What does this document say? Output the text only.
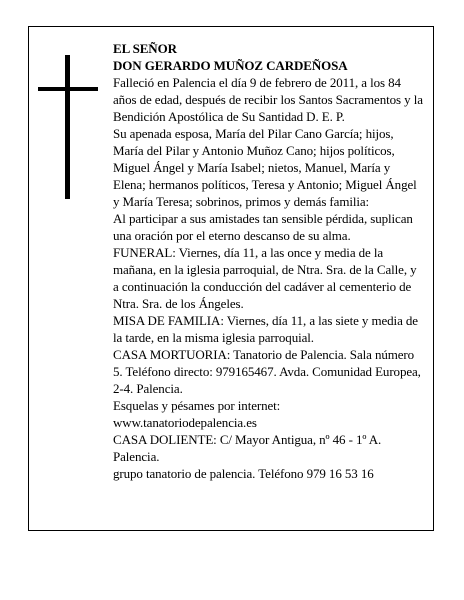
EL SEÑOR

DON GERARDO MUÑOZ CARDEÑOSA

Falleció en Palencia el día 9 de febrero de 2011, a los 84 años de edad, después de recibir los Santos Sacramentos y la Bendición Apostólica de Su Santidad D. E. P.

Su apenada esposa, María del Pilar Cano García; hijos, María del Pilar y Antonio Muñoz Cano; hijos políticos, Miguel Ángel y María Isabel; nietos, Manuel, María y Elena; hermanos políticos, Teresa y Antonio; Miguel Ángel y María Teresa; sobrinos, primos y demás familia:

Al participar a sus amistades tan sensible pérdida, suplican una oración por el eterno descanso de su alma.

FUNERAL: Viernes, día 11, a las once y media de la mañana, en la iglesia parroquial, de Ntra. Sra. de la Calle, y a continuación la conducción del cadáver al cementerio de Ntra. Sra. de los Ángeles.

MISA DE FAMILIA: Viernes, día 11, a las siete y media de la tarde, en la misma iglesia parroquial.

CASA MORTUORIA: Tanatorio de Palencia. Sala número 5. Teléfono directo: 979165467. Avda. Comunidad Europea, 2-4. Palencia.

Esquelas y pésames por internet: www.tanatoriodepalencia.es

CASA DOLIENTE: C/ Mayor Antigua, nº 46 - 1º A. Palencia.

grupo tanatorio de palencia. Teléfono 979 16 53 16
